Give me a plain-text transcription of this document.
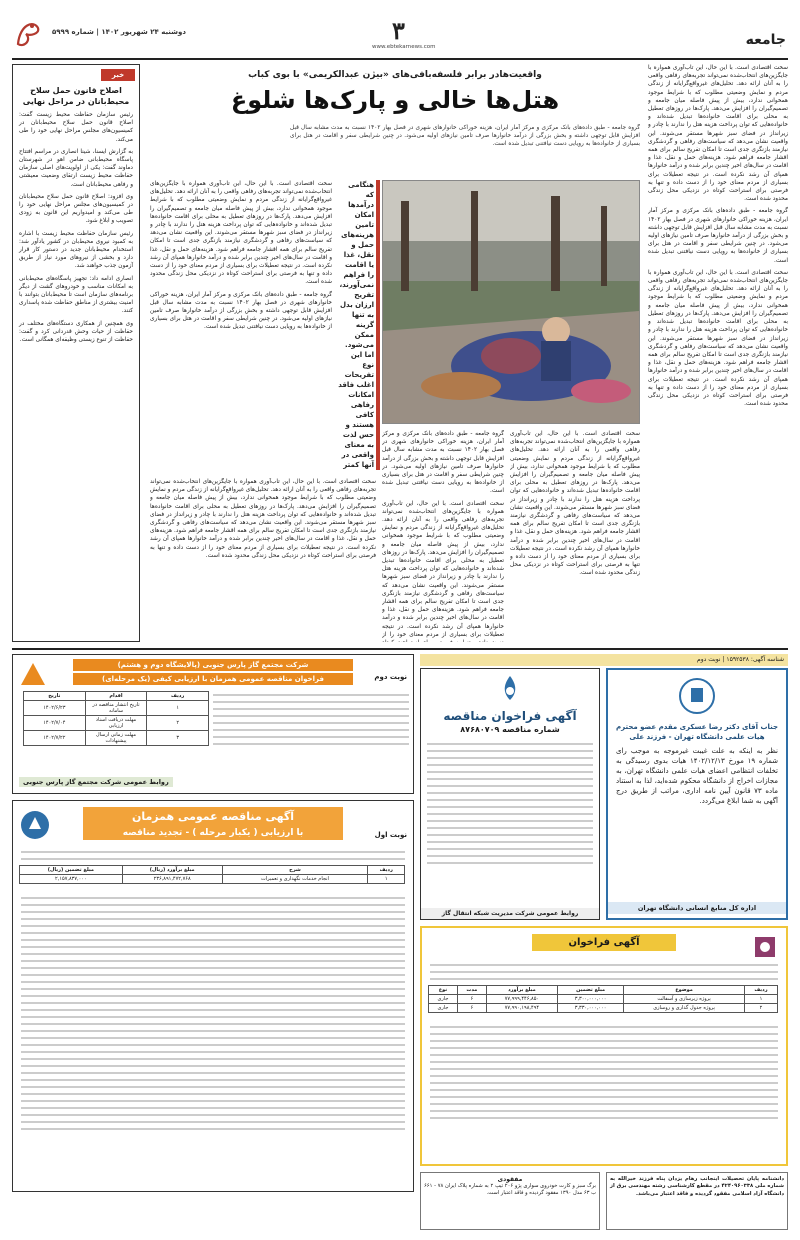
دوشنبه ۲۴ شهریور ۱۴۰۲ | شماره ۵۹۹۹	۳
www.ebtekarnews.com	جامعه
خبر
اصلاح قانون حمل سلاح محیط‌بانان در مراحل نهایی

رئیس سازمان حفاظت محیط زیست گفت: اصلاح قانون حمل سلاح محیط‌بانان در کمیسیون‌های مجلس مراحل نهایی خود را طی می‌کند.

به گزارش ایسنا، شینا انصاری در مراسم افتتاح پاسگاه محیط‌بانی ضامن اهو در شهرستان دماوند گفت: یکی از اولویت‌های اصلی سازمان حفاظت محیط زیست ارتقای وضعیت معیشتی و رفاهی محیط‌بانان است.

وی افزود: اصلاح قانون حمل سلاح محیط‌بانان در کمیسیون‌های مجلس مراحل نهایی خود را طی می‌کند و امیدواریم این قانون به زودی تصویب و ابلاغ شود.

رئیس سازمان حفاظت محیط زیست با اشاره به کمبود نیروی محیط‌بان در کشور یادآور شد: استخدام محیط‌بانان جدید در دستور کار قرار دارد و بخشی از نیروهای مورد نیاز از طریق آزمون جذب خواهند شد.

انصاری ادامه داد: تجهیز پاسگاه‌های محیط‌بانی به امکانات مناسب و خودروهای گشت از دیگر برنامه‌های سازمان است تا محیط‌بانان بتوانند با امنیت بیشتری از مناطق حفاظت شده پاسداری کنند.

وی همچنین از همکاری دستگاه‌های مختلف در حفاظت از حیات وحش قدردانی کرد و گفت: حفاظت از تنوع زیستی وظیفه‌ای همگانی است.

واقعیت‌هادر برابر فلسفه‌بافی‌های «بیژن عبدالکریمی» با بوی کباب
هتل‌ها خالی و پارک‌ها شلوغ
گروه جامعه - طبق داده‌های بانک مرکزی و مرکز آمار ایران، هزینه خوراکی خانوارهای شهری در فصل بهار ۱۴۰۲ نسبت به مدت مشابه سال قبل افزایش قابل توجهی داشته و بخش بزرگی از درآمد خانوارها صرف تامین نیازهای اولیه می‌شود. در چنین شرایطی سفر و اقامت در هتل برای بسیاری از خانواده‌ها به رویایی دست نیافتنی تبدیل شده است.

سخت اقتصادی است. با این حال، این تاب‌آوری همواره با جایگزین‌های انتخاب‌شده نمی‌تواند تجربه‌های رفاهی واقعی را به آنان ارائه دهد. تحلیل‌های غیرواقع‌گرایانه از زندگی مردم و نمایش وضعیتی مطلوب که با شرایط موجود همخوانی ندارد، بیش از پیش فاصله میان جامعه و تصمیم‌گیران را افزایش می‌دهد. پارک‌ها در روزهای تعطیل به محلی برای اقامت خانواده‌ها تبدیل شده‌اند و خانواده‌هایی که توان پرداخت هزینه هتل را ندارند با چادر و زیرانداز در فضای سبز شهرها مستقر می‌شوند. این واقعیت نشان می‌دهد که سیاست‌های رفاهی و گردشگری نیازمند بازنگری جدی است تا امکان تفریح سالم برای همه اقشار جامعه فراهم شود. هزینه‌های حمل و نقل، غذا و اقامت در سال‌های اخیر چندین برابر شده و درآمد خانوارها همپای آن رشد نکرده است. در نتیجه تعطیلات برای بسیاری از مردم معنای خود را از دست داده و تنها به فرصتی برای استراحت کوتاه در نزدیکی محل زندگی محدود شده است.

گروه جامعه - طبق داده‌های بانک مرکزی و مرکز آمار ایران، هزینه خوراکی خانوارهای شهری در فصل بهار ۱۴۰۲ نسبت به مدت مشابه سال قبل افزایش قابل توجهی داشته و بخش بزرگی از درآمد خانوارها صرف تامین نیازهای اولیه می‌شود. در چنین شرایطی سفر و اقامت در هتل برای بسیاری از خانواده‌ها به رویایی دست نیافتنی تبدیل شده است.

سخت اقتصادی است. با این حال، این تاب‌آوری همواره با جایگزین‌های انتخاب‌شده نمی‌تواند تجربه‌های رفاهی واقعی را به آنان ارائه دهد. تحلیل‌های غیرواقع‌گرایانه از زندگی مردم و نمایش وضعیتی مطلوب که با شرایط موجود همخوانی ندارد، بیش از پیش فاصله میان جامعه و تصمیم‌گیران را افزایش می‌دهد. پارک‌ها در روزهای تعطیل به محلی برای اقامت خانواده‌ها تبدیل شده‌اند و خانواده‌هایی که توان پرداخت هزینه هتل را ندارند با چادر و زیرانداز در فضای سبز شهرها مستقر می‌شوند. این واقعیت نشان می‌دهد که سیاست‌های رفاهی و گردشگری نیازمند بازنگری جدی است تا امکان تفریح سالم برای همه اقشار جامعه فراهم شود. هزینه‌های حمل و نقل، غذا و اقامت در سال‌های اخیر چندین برابر شده و درآمد خانوارها همپای آن رشد نکرده است. در نتیجه تعطیلات برای بسیاری از مردم معنای خود را از دست داده و تنها به فرصتی برای استراحت کوتاه در نزدیکی محل زندگی محدود شده است.

هنگامی که درآمدها امکان تامین هزینه‌های حمل و نقل، غذا یا اقامت را فراهم نمی‌آورند، تفریح ارزان بدل به تنها گزینه ممکن می‌شود. اما این نوع تفریحات اغلب فاقد امکانات رفاهی کافی هستند و حس لذت به معنای واقعی در آنها کمتر

سخت اقتصادی است. با این حال، این تاب‌آوری همواره با جایگزین‌های انتخاب‌شده نمی‌تواند تجربه‌های رفاهی واقعی را به آنان ارائه دهد. تحلیل‌های غیرواقع‌گرایانه از زندگی مردم و نمایش وضعیتی مطلوب که با شرایط موجود همخوانی ندارد، بیش از پیش فاصله میان جامعه و تصمیم‌گیران را افزایش می‌دهد. پارک‌ها در روزهای تعطیل به محلی برای اقامت خانواده‌ها تبدیل شده‌اند و خانواده‌هایی که توان پرداخت هزینه هتل را ندارند با چادر و زیرانداز در فضای سبز شهرها مستقر می‌شوند. این واقعیت نشان می‌دهد که سیاست‌های رفاهی و گردشگری نیازمند بازنگری جدی است تا امکان تفریح سالم برای همه اقشار جامعه فراهم شود. هزینه‌های حمل و نقل، غذا و اقامت در سال‌های اخیر چندین برابر شده و درآمد خانوارها همپای آن رشد نکرده است. در نتیجه تعطیلات برای بسیاری از مردم معنای خود را از دست داده و تنها به فرصتی برای استراحت کوتاه در نزدیکی محل زندگی محدود شده است.

گروه جامعه - طبق داده‌های بانک مرکزی و مرکز آمار ایران، هزینه خوراکی خانوارهای شهری در فصل بهار ۱۴۰۲ نسبت به مدت مشابه سال قبل افزایش قابل توجهی داشته و بخش بزرگی از درآمد خانوارها صرف تامین نیازهای اولیه می‌شود. در چنین شرایطی سفر و اقامت در هتل برای بسیاری از خانواده‌ها به رویایی دست نیافتنی تبدیل شده است.

سخت اقتصادی است. با این حال، این تاب‌آوری همواره با جایگزین‌های انتخاب‌شده نمی‌تواند تجربه‌های رفاهی واقعی را به آنان ارائه دهد. تحلیل‌های غیرواقع‌گرایانه از زندگی مردم و نمایش وضعیتی مطلوب که با شرایط موجود همخوانی ندارد، بیش از پیش فاصله میان جامعه و تصمیم‌گیران را افزایش می‌دهد. پارک‌ها در روزهای تعطیل به محلی برای اقامت خانواده‌ها تبدیل شده‌اند و خانواده‌هایی که توان پرداخت هزینه هتل را ندارند با چادر و زیرانداز در فضای سبز شهرها مستقر می‌شوند. این واقعیت نشان می‌دهد که سیاست‌های رفاهی و گردشگری نیازمند بازنگری جدی است تا امکان تفریح سالم برای همه اقشار جامعه فراهم شود. هزینه‌های حمل و نقل، غذا و اقامت در سال‌های اخیر چندین برابر شده و درآمد خانوارها همپای آن رشد نکرده است. در نتیجه تعطیلات برای بسیاری از مردم معنای خود را از دست داده و تنها به فرصتی برای استراحت کوتاه در نزدیکی محل زندگی محدود شده است.

گروه جامعه - طبق داده‌های بانک مرکزی و مرکز آمار ایران، هزینه خوراکی خانوارهای شهری در فصل بهار ۱۴۰۲ نسبت به مدت مشابه سال قبل افزایش قابل توجهی داشته و بخش بزرگی از درآمد خانوارها صرف تامین نیازهای اولیه می‌شود. در چنین شرایطی سفر و اقامت در هتل برای بسیاری از خانواده‌ها به رویایی دست نیافتنی تبدیل شده است.

سخت اقتصادی است. با این حال، این تاب‌آوری همواره با جایگزین‌های انتخاب‌شده نمی‌تواند تجربه‌های رفاهی واقعی را به آنان ارائه دهد. تحلیل‌های غیرواقع‌گرایانه از زندگی مردم و نمایش وضعیتی مطلوب که با شرایط موجود همخوانی ندارد، بیش از پیش فاصله میان جامعه و تصمیم‌گیران را افزایش می‌دهد. پارک‌ها در روزهای تعطیل به محلی برای اقامت خانواده‌ها تبدیل شده‌اند و خانواده‌هایی که توان پرداخت هزینه هتل را ندارند با چادر و زیرانداز در فضای سبز شهرها مستقر می‌شوند. این واقعیت نشان می‌دهد که سیاست‌های رفاهی و گردشگری نیازمند بازنگری جدی است تا امکان تفریح سالم برای همه اقشار جامعه فراهم شود. هزینه‌های حمل و نقل، غذا و اقامت در سال‌های اخیر چندین برابر شده و درآمد خانوارها همپای آن رشد نکرده است. در نتیجه تعطیلات برای بسیاری از مردم معنای خود را از

سخت اقتصادی است. با این حال، این تاب‌آوری همواره با جایگزین‌های انتخاب‌شده نمی‌تواند تجربه‌های رفاهی واقعی را به آنان ارائه دهد. تحلیل‌های غیرواقع‌گرایانه از زندگی مردم و نمایش وضعیتی مطلوب که با شرایط موجود همخوانی ندارد، بیش از پیش فاصله میان جامعه و تصمیم‌گیران را افزایش می‌دهد. پارک‌ها در روزهای تعطیل به محلی برای اقامت خانواده‌ها تبدیل شده‌اند و خانواده‌هایی که توان پرداخت هزینه هتل را ندارند با چادر و زیرانداز در فضای سبز شهرها مستقر می‌شوند. این واقعیت نشان می‌دهد که سیاست‌های رفاهی و گردشگری نیازمند بازنگری جدی است تا امکان تفریح سالم برای همه اقشار جامعه فراهم شود. هزینه‌های حمل و نقل، غذا و اقامت در سال‌های اخیر چندین برابر شده و درآمد خانوارها همپای آن رشد نکرده است. در نتیجه تعطیلات برای بسیاری از مردم معنای خود را از دست داده و تنها به فرصتی برای استراحت کوتاه در نزدیکی محل زندگی محدود شده است.

شناسه آگهی: ۱۵۹۲۵۳۸ | نوبت دوم
جناب آقای دکتر رضا عسکری مقدم عضو محترم هیات علمی دانشگاه تهران - فرزند علی

نظر به اینکه به علت غیبت غیرموجه به موجب رای شماره ۱۹ مورخ ۱۴۰۲/۱۲/۱۳ هیات بدوی رسیدگی به تخلفات انتظامی اعضای هیات علمی دانشگاه تهران، به مجازات اخراج از دانشگاه محکوم شده‌اید، لذا به استناد ماده ۷۳ قانون آیین نامه اداری، مراتب از طریق درج آگهی به شما ابلاغ می‌گردد.

اداره کل منابع انسانی دانشگاه تهران
آگهی فراخوان مناقصه
شماره مناقصه ۸۷۶۸۰۷۰۹
روابط عمومی شرکت مدیریت شبکه انتقال گاز
شرکت مجتمع گاز پارس جنوبی (پالایشگاه دوم و هشتم)
فراخوان مناقصه عمومی همزمان با ارزیابی کیفی (یک مرحله‌ای)	نوبت دوم
ردیف	اقدام	تاریخ
۱	تاریخ انتشار مناقصه در سامانه	۱۴۰۲/۶/۲۳
۲	مهلت دریافت اسناد ارزیابی	۱۴۰۲/۷/۰۴
۳	مهلت زمانی ارسال پیشنهادات	۱۴۰۲/۷/۲۲
روابط عمومی شرکت مجتمع گاز پارس جنوبی
آگهی مناقصه عمومی همزمان
با ارزیابی ( یکبار مرحله ) - تجدید مناقصه	نوبت اول
ردیف	شرح	مبلغ برآورد (ریال)	مبلغ تضمین (ریال)
۱	انجام خدمات نگهداری و تعمیرات	۲۳۶,۸۹۱,۴۷۲,۷۶۸	۲,۱۵۷,۸۳۷,۰۰۰
آگهی فراخوان
ردیف	موضوع	مبلغ تضمین	مبلغ برآورد	مدت	نوع
۱	پروژه زیرسازی و آسفالت	۳,۳۰۰,۰۰۰,۰۰۰	۷۷,۹۹۹,۴۴۶,۸۵۰	۶	جاری
۲	پروژه جدول گذاری و روسازی	۳,۳۳۰,۰۰۰,۰۰۰	۷۷,۹۹۰,۱۹۸,۴۹۴	۶	جاری
مفقودی

برگ سبز و کارت خودروی سواری پژو ۲۰۶ تیپ ۲ به شماره پلاک ایران ۷۸ - ۶۶۱ ب ۶۳ مدل ۱۳۹۰ مفقود گردیده و فاقد اعتبار است.

دانشنامه پایان تحصیلات اینجانب رهام یزدان پناه فرزند خیرالله به شماره ملی ۴۲۴۰۹۶۰۳۳۸ در مقطع کارشناسی رشته مهندسی برق از دانشگاه آزاد اسلامی مفقود گردیده و فاقد اعتبار می‌باشد.
